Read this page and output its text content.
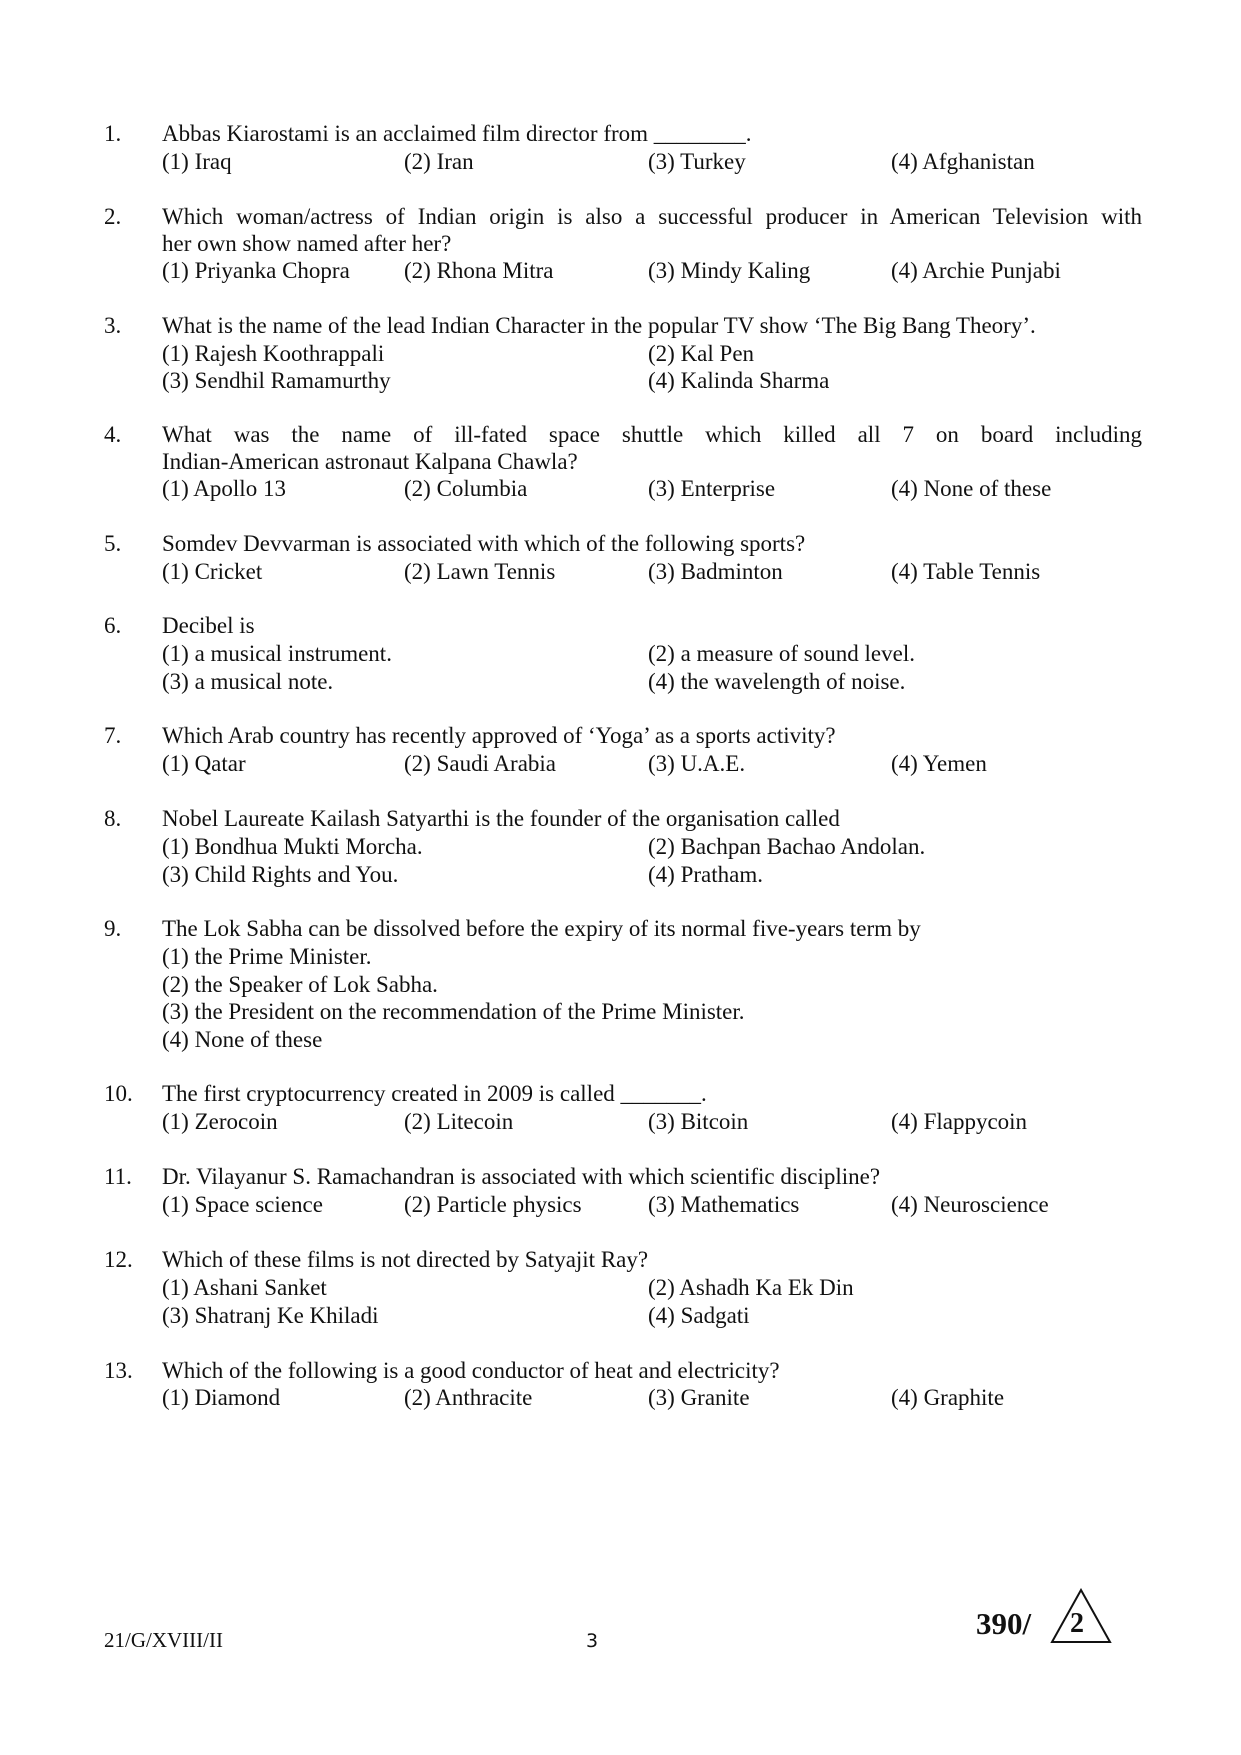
1. Abbas Kiarostami is an acclaimed film director from ________.
(1) Iraq	(2) Iran	(3) Turkey	(4) Afghanistan
2. Which woman/actress of Indian origin is also a successful producer in American Television with
her own show named after her?
(1) Priyanka Chopra (2) Rhona Mitra	(3) Mindy Kaling	(4) Archie Punjabi
3. What is the name of the lead Indian Character in the popular TV show ‘The Big Bang Theory’.
(1) Rajesh Koothrappali	(2) Kal Pen
(3) Sendhil Ramamurthy	(4) Kalinda Sharma
4. What was the name of ill-fated space shuttle which killed all 7 on board including
Indian-American astronaut Kalpana Chawla?
(1) Apollo 13	(2) Columbia	(3) Enterprise	(4) None of these
5. Somdev Devvarman is associated with which of the following sports?
(1) Cricket	(2) Lawn Tennis	(3) Badminton	(4) Table Tennis
6. Decibel is
(1) a musical instrument.	(2) a measure of sound level.
(3) a musical note.	(4) the wavelength of noise.
7. Which Arab country has recently approved of ‘Yoga’ as a sports activity?
(1) Qatar	(2) Saudi Arabia	(3) U.A.E.	(4) Yemen
8. Nobel Laureate Kailash Satyarthi is the founder of the organisation called
(1) Bondhua Mukti Morcha.	(2) Bachpan Bachao Andolan.
(3) Child Rights and You.	(4) Pratham.
9. The Lok Sabha can be dissolved before the expiry of its normal five-years term by
(1) the Prime Minister.
(2) the Speaker of Lok Sabha.
(3) the President on the recommendation of the Prime Minister.
(4) None of these
10. The first cryptocurrency created in 2009 is called _______.
(1) Zerocoin	(2) Litecoin	(3) Bitcoin	(4) Flappycoin
11. Dr. Vilayanur S. Ramachandran is associated with which scientific discipline?
(1) Space science	(2) Particle physics	(3) Mathematics	(4) Neuroscience
12. Which of these films is not directed by Satyajit Ray?
(1) Ashani Sanket	(2) Ashadh Ka Ek Din
(3) Shatranj Ke Khiladi	(4) Sadgati
13. Which of the following is a good conductor of heat and electricity?
(1) Diamond	(2) Anthracite	(3) Granite	(4) Graphite
21/G/XVIII/II	3	390/ 2
